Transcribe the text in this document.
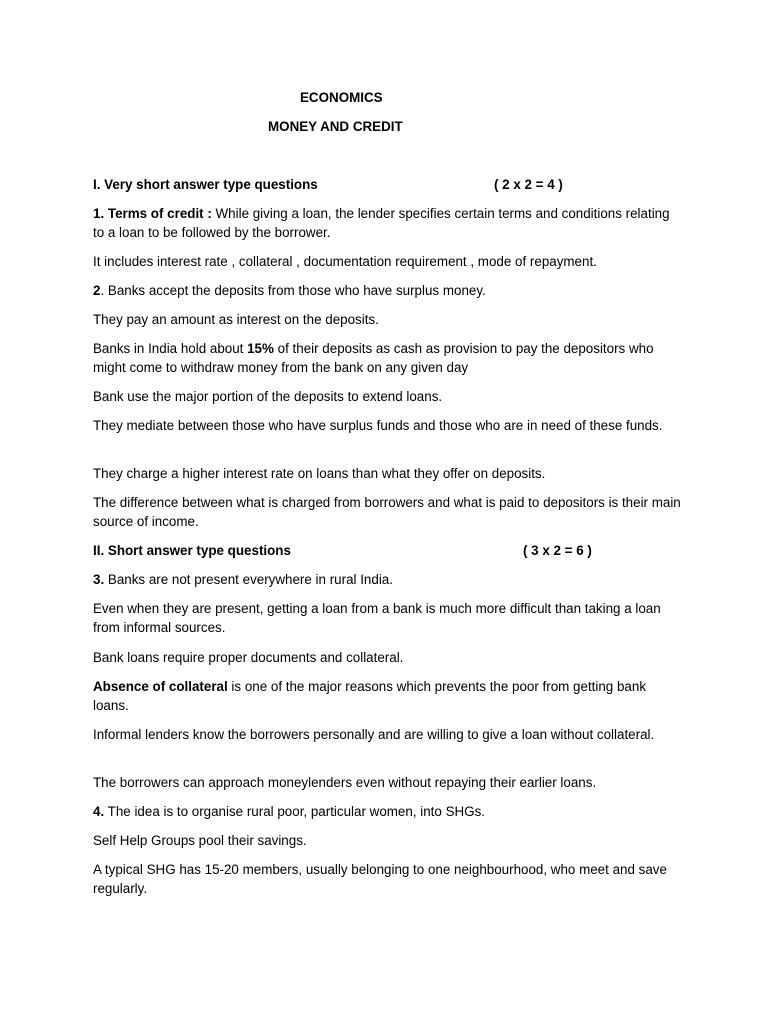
ECONOMICS
MONEY AND CREDIT
I. Very short answer type questions	( 2 x 2 = 4 )

1. Terms of credit : While giving a loan, the lender specifies certain terms and conditions relating to a loan to be followed by the borrower.

It includes interest rate , collateral , documentation requirement , mode of repayment.

2. Banks accept the deposits from those who have surplus money.

They pay an amount as interest on the deposits.

Banks in India hold about 15% of their deposits as cash as provision to pay the depositors who might come to withdraw money from the bank on any given day

Bank use the major portion of the deposits to extend loans.

They mediate between those who have surplus funds and those who are in need of these funds.

They charge a higher interest rate on loans than what they offer on deposits.

The difference between what is charged from borrowers and what is paid to depositors is their main source of income.

II. Short answer type questions	( 3 x 2 = 6 )

3. Banks are not present everywhere in rural India.

Even when they are present, getting a loan from a bank is much more difficult than taking a loan from informal sources.

Bank loans require proper documents and collateral.

Absence of collateral is one of the major reasons which prevents the poor from getting bank loans.

Informal lenders know the borrowers personally and are willing to give a loan without collateral.

The borrowers can approach moneylenders even without repaying their earlier loans.

4. The idea is to organise rural poor, particular women, into SHGs.

Self Help Groups pool their savings.

A typical SHG has 15-20 members, usually belonging to one neighbourhood, who meet and save regularly.
